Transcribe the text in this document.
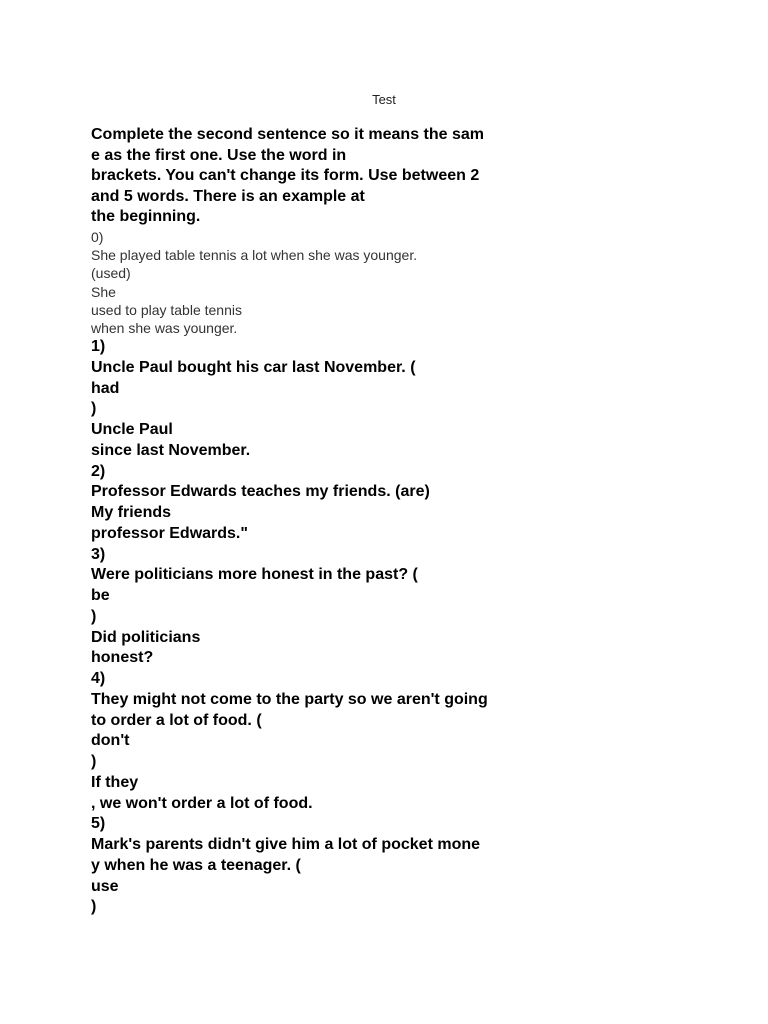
Test
Complete the second sentence so it means the sam
e as the first one. Use the word in
brackets. You can't change its form. Use between 2
and 5 words. There is an example at
the beginning.
0)
She played table tennis a lot when she was younger.
(used)
She
used to play table tennis
when she was younger.
1)
Uncle Paul bought his car last November. (
had
)
Uncle Paul
since last November.
2)
Professor Edwards teaches my friends. (are)
My friends
professor Edwards."
3)
Were politicians more honest in the past? (
be
)
Did politicians
honest?
4)
They might not come to the party so we aren't going
to order a lot of food. (
don't
)
If they
, we won't order a lot of food.
5)
Mark's parents didn't give him a lot of pocket mone
y when he was a teenager. (
use
)
